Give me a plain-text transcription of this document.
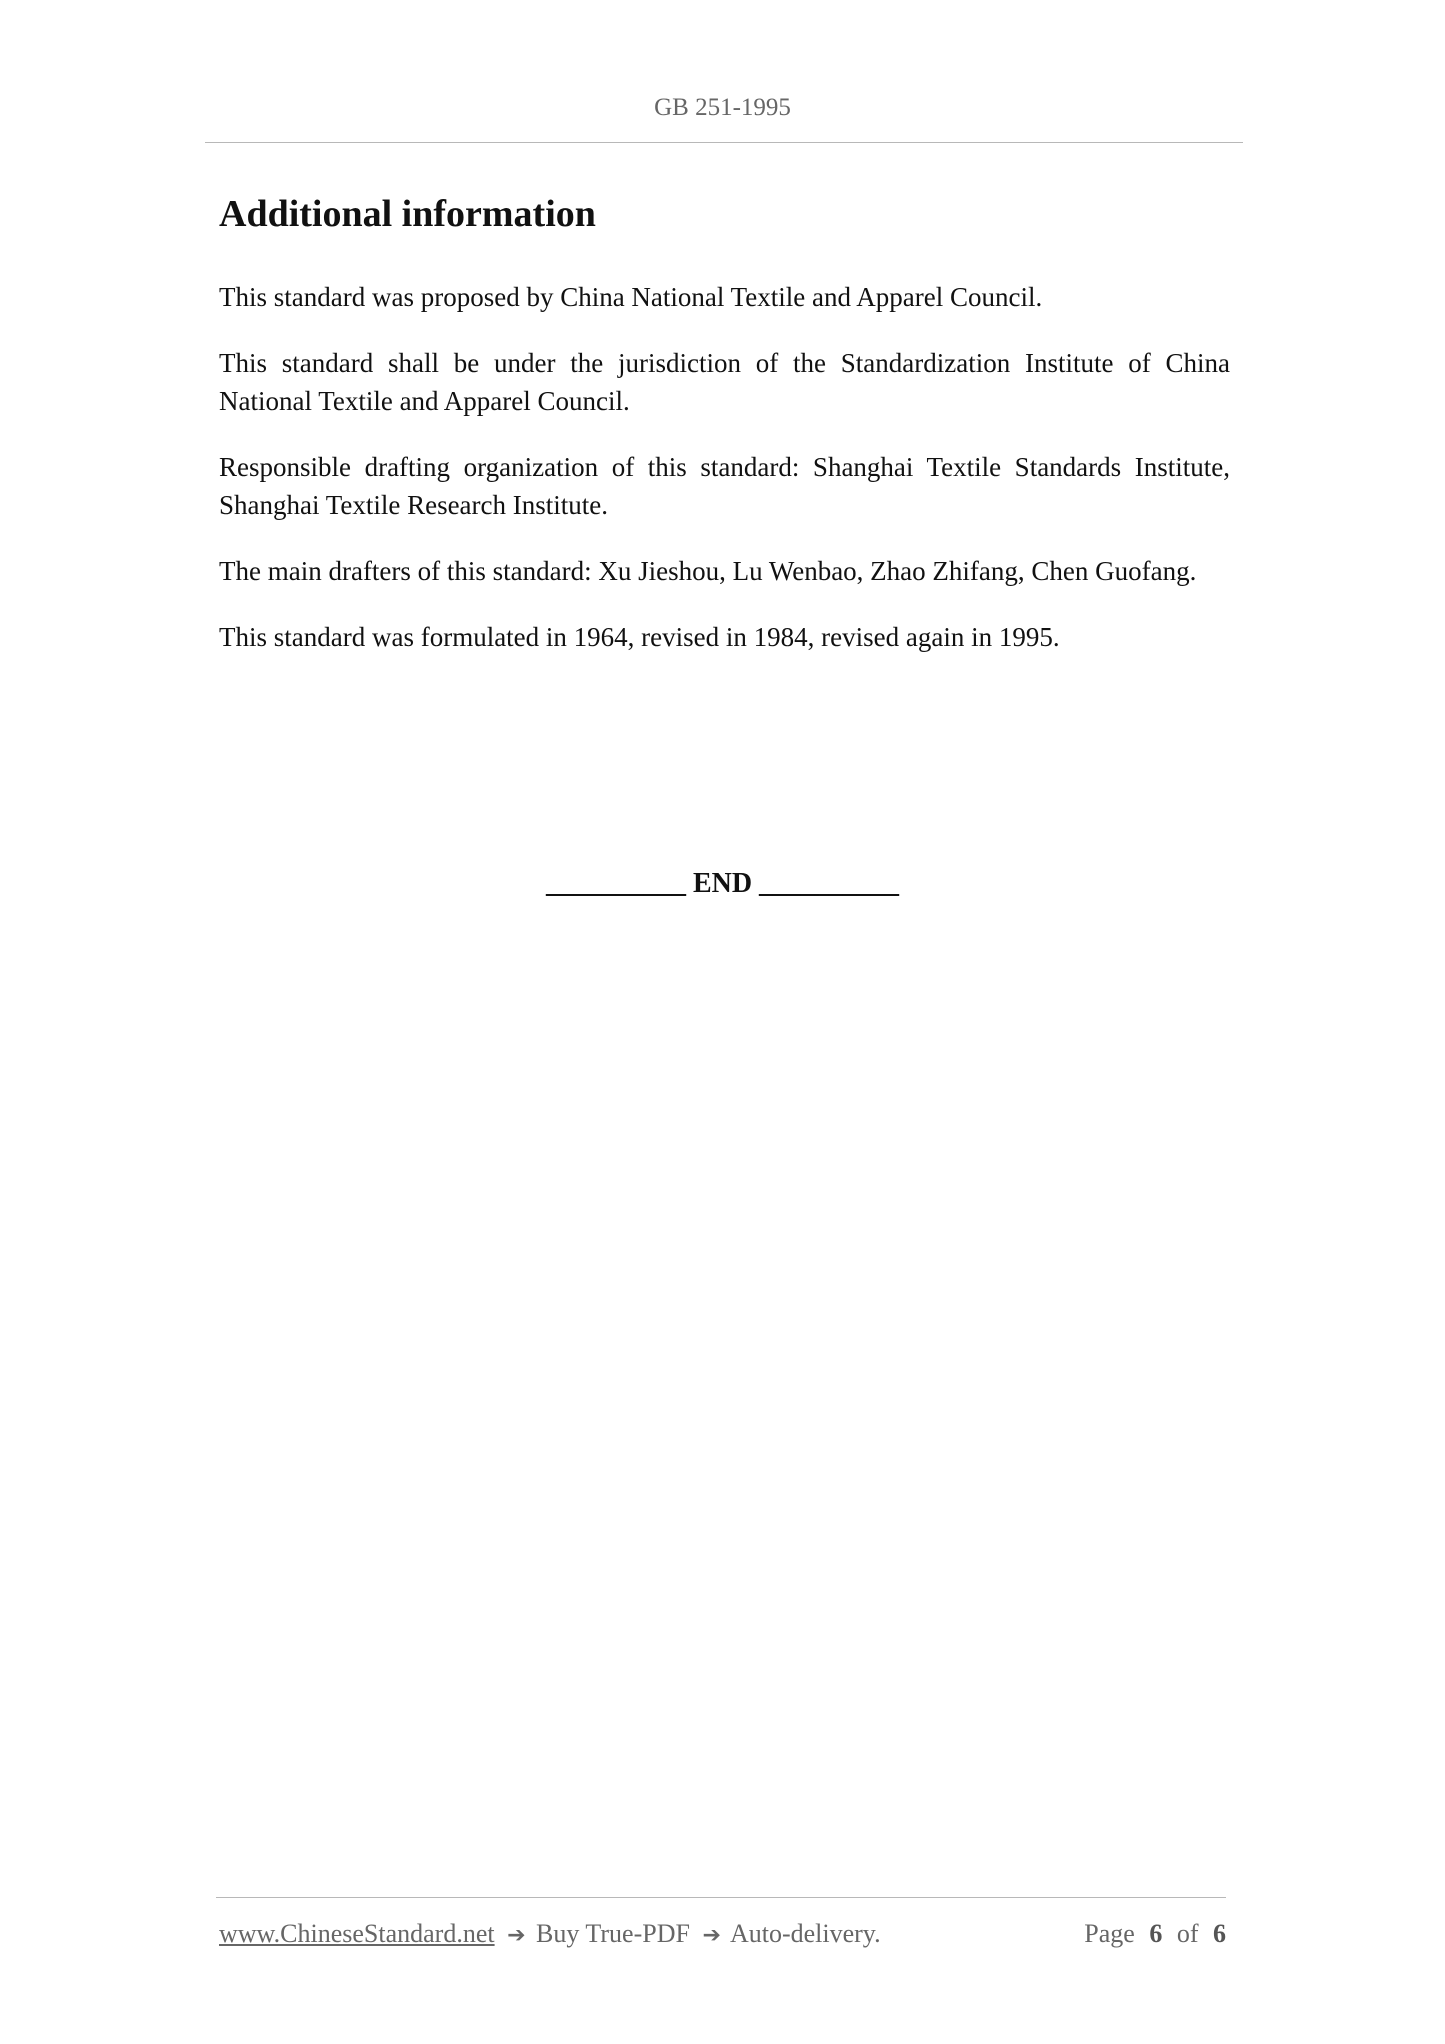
GB 251-1995
Additional information

This standard was proposed by China National Textile and Apparel Council.

This standard shall be under the jurisdiction of the Standardization Institute of China National Textile and Apparel Council.

Responsible drafting organization of this standard: Shanghai Textile Standards Institute, Shanghai Textile Research Institute.

The main drafters of this standard: Xu Jieshou, Lu Wenbao, Zhao Zhifang, Chen Guofang.

This standard was formulated in 1964, revised in 1984, revised again in 1995.

__________ END __________
www.ChineseStandard.net ➔ Buy True-PDF ➔ Auto-delivery.	Page 6 of 6
